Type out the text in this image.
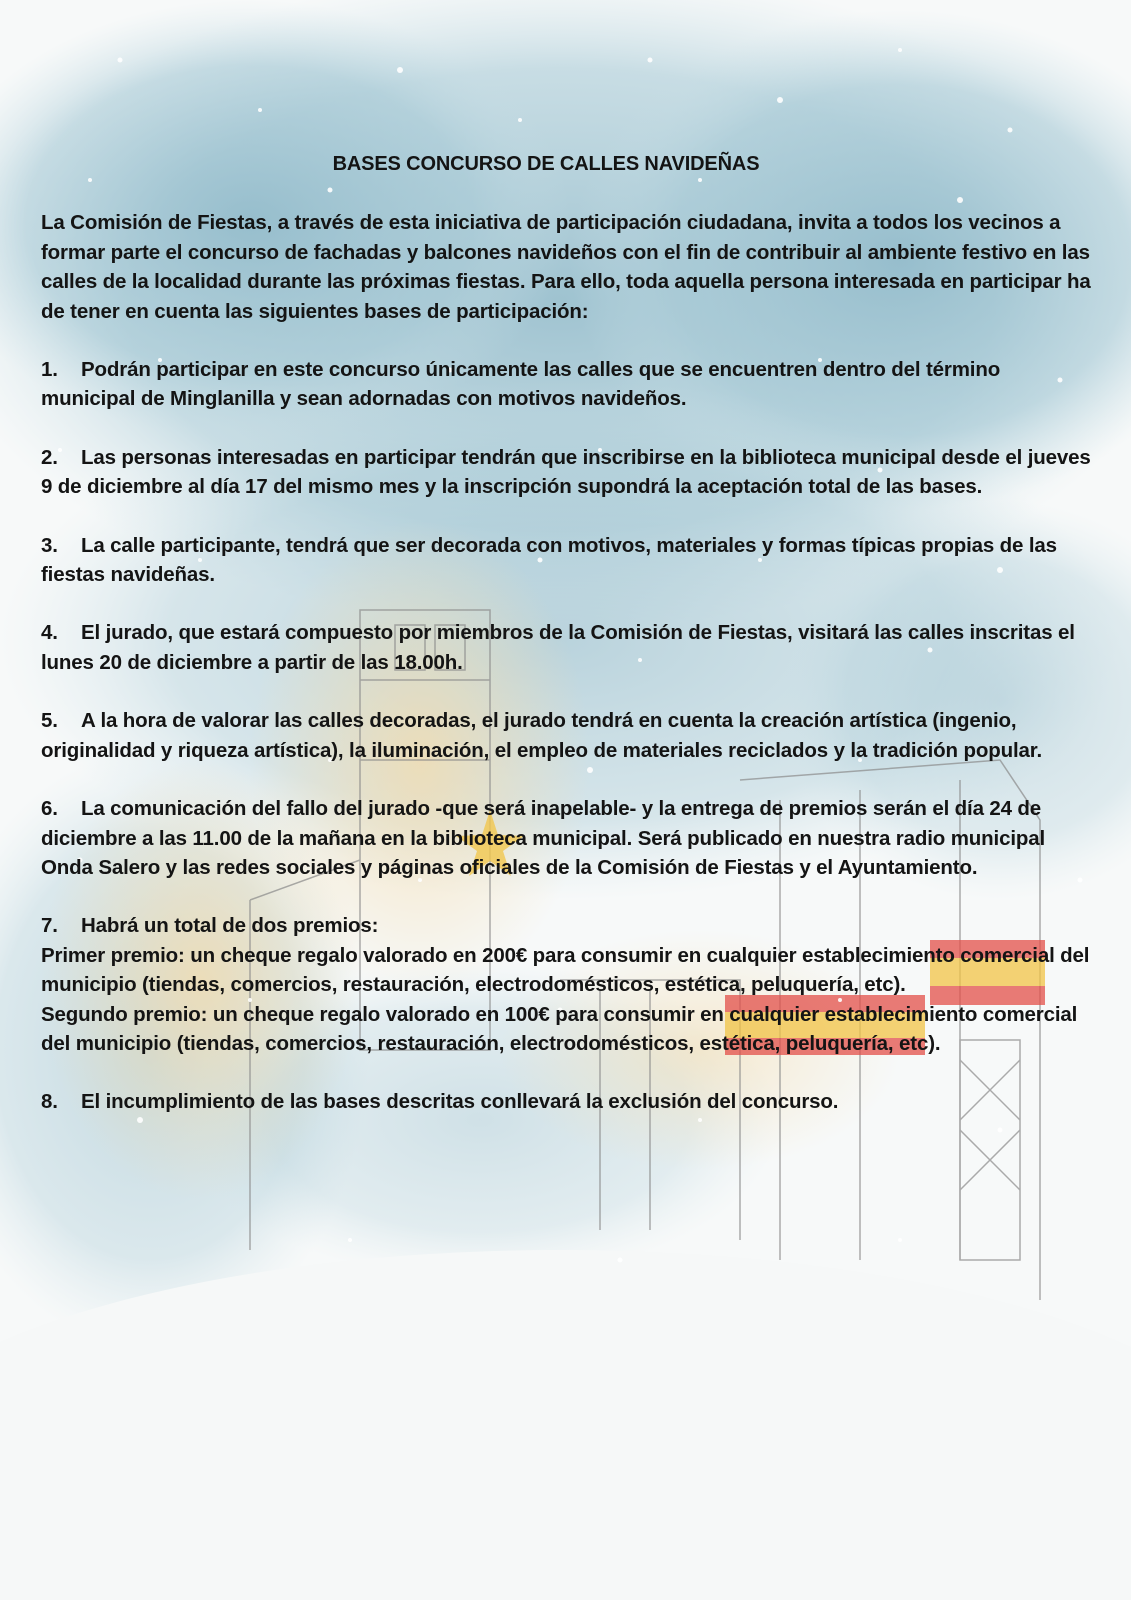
BASES CONCURSO DE CALLES NAVIDEÑAS

La Comisión de Fiestas, a través de esta iniciativa de participación ciudadana, invita a todos los vecinos a formar parte el concurso de fachadas y balcones navideños con el fin de contribuir al ambiente festivo en las calles de la localidad durante las próximas fiestas. Para ello, toda aquella persona interesada en participar ha de tener en cuenta las siguientes bases de participación:

1. Podrán participar en este concurso únicamente las calles que se encuentren dentro del término municipal de Minglanilla y sean adornadas con motivos navideños.

2. Las personas interesadas en participar tendrán que inscribirse en la biblioteca municipal desde el jueves 9 de diciembre al día 17 del mismo mes y la inscripción supondrá la aceptación total de las bases.

3. La calle participante, tendrá que ser decorada con motivos, materiales y formas típicas propias de las fiestas navideñas.

4. El jurado, que estará compuesto por miembros de la Comisión de Fiestas, visitará las calles inscritas el lunes 20 de diciembre a partir de las 18.00h.

5. A la hora de valorar las calles decoradas, el jurado tendrá en cuenta la creación artística (ingenio, originalidad y riqueza artística), la iluminación, el empleo de materiales reciclados y la tradición popular.

6. La comunicación del fallo del jurado -que será inapelable- y la entrega de premios serán el día 24 de diciembre a las 11.00 de la mañana en la biblioteca municipal. Será publicado en nuestra radio municipal Onda Salero y las redes sociales y páginas oficiales de la Comisión de Fiestas y el Ayuntamiento.

7. Habrá un total de dos premios:

Primer premio: un cheque regalo valorado en 200€ para consumir en cualquier establecimiento comercial del municipio (tiendas, comercios, restauración, electrodomésticos, estética, peluquería, etc).

Segundo premio: un cheque regalo valorado en 100€ para consumir en cualquier establecimiento comercial del municipio (tiendas, comercios, restauración, electrodomésticos, estética, peluquería, etc).

8. El incumplimiento de las bases descritas conllevará la exclusión del concurso.
